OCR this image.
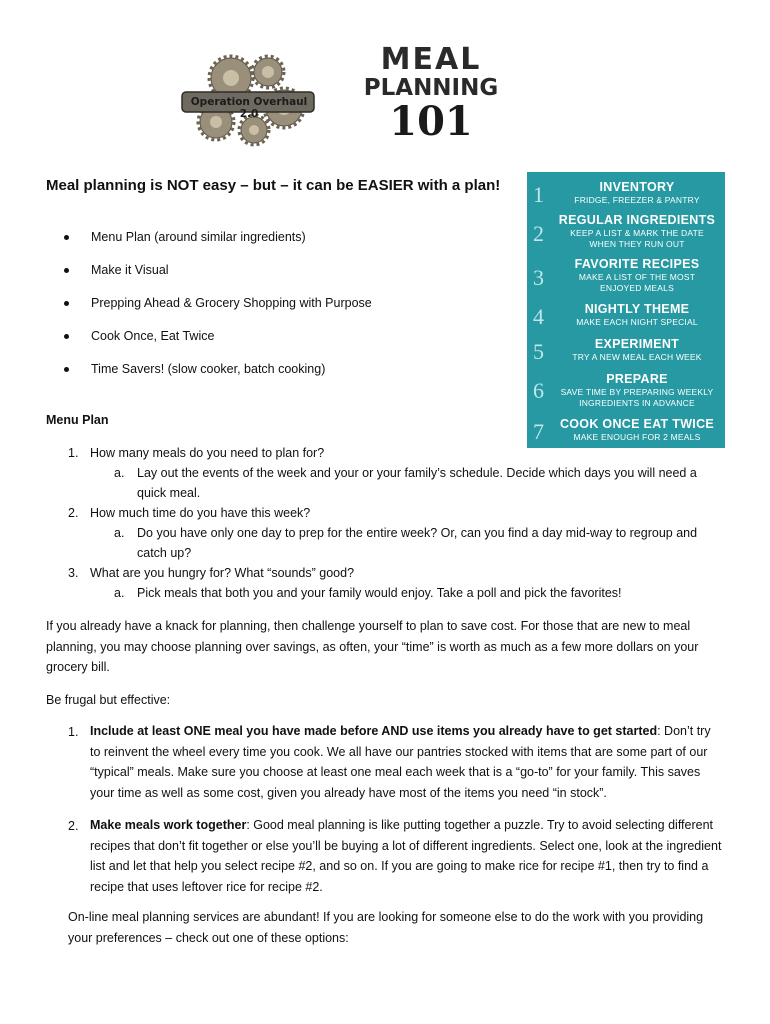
Operation Overhaul 2.0
MEAL
PLANNING
101
Meal planning is NOT easy – but – it can be EASIER with a plan!
Menu Plan (around similar ingredients)
Make it Visual
Prepping Ahead & Grocery Shopping with Purpose
Cook Once, Eat Twice
Time Savers! (slow cooker, batch cooking)
1	INVENTORY
FRIDGE, FREEZER & PANTRY
2
REGULAR INGREDIENTS
KEEP A LIST & MARK THE DATE
WHEN THEY RUN OUT
3
FAVORITE RECIPES
MAKE A LIST OF THE MOST
ENJOYED MEALS
4	NIGHTLY THEME
MAKE EACH NIGHT SPECIAL
5	EXPERIMENT
TRY A NEW MEAL EACH WEEK
6	PREPARE
SAVE TIME BY PREPARING WEEKLY
INGREDIENTS IN ADVANCE
7 COOK ONCE EAT TWICE
MAKE ENOUGH FOR 2 MEALS
Menu Plan
1. How many meals do you need to plan for?
a. Lay out the events of the week and your or your family’s schedule. Decide which days you will need a
quick meal.
2. How much time do you have this week?
a. Do you have only one day to prep for the entire week? Or, can you find a day mid-way to regroup and
catch up?
3. What are you hungry for? What “sounds” good?
a. Pick meals that both you and your family would enjoy. Take a poll and pick the favorites!
If you already have a knack for planning, then challenge yourself to plan to save cost. For those that are new to meal planning, you may choose planning over savings, as often, your “time” is worth as much as a few more dollars on your grocery bill.
Be frugal but effective:
1. Include at least ONE meal you have made before AND use items you already have to get started: Don’t try to reinvent the wheel every time you cook. We all have our pantries stocked with items that are some part of our “typical” meals. Make sure you choose at least one meal each week that is a “go-to” for your family. This saves your time as well as some cost, given you already have most of the items you need “in stock”.
2. Make meals work together: Good meal planning is like putting together a puzzle. Try to avoid selecting different recipes that don’t fit together or else you’ll be buying a lot of different ingredients. Select one, look at the ingredient list and let that help you select recipe #2, and so on. If you are going to make rice for recipe #1, then try to find a recipe that uses leftover rice for recipe #2.
On-line meal planning services are abundant! If you are looking for someone else to do the work with you providing your preferences – check out one of these options:
